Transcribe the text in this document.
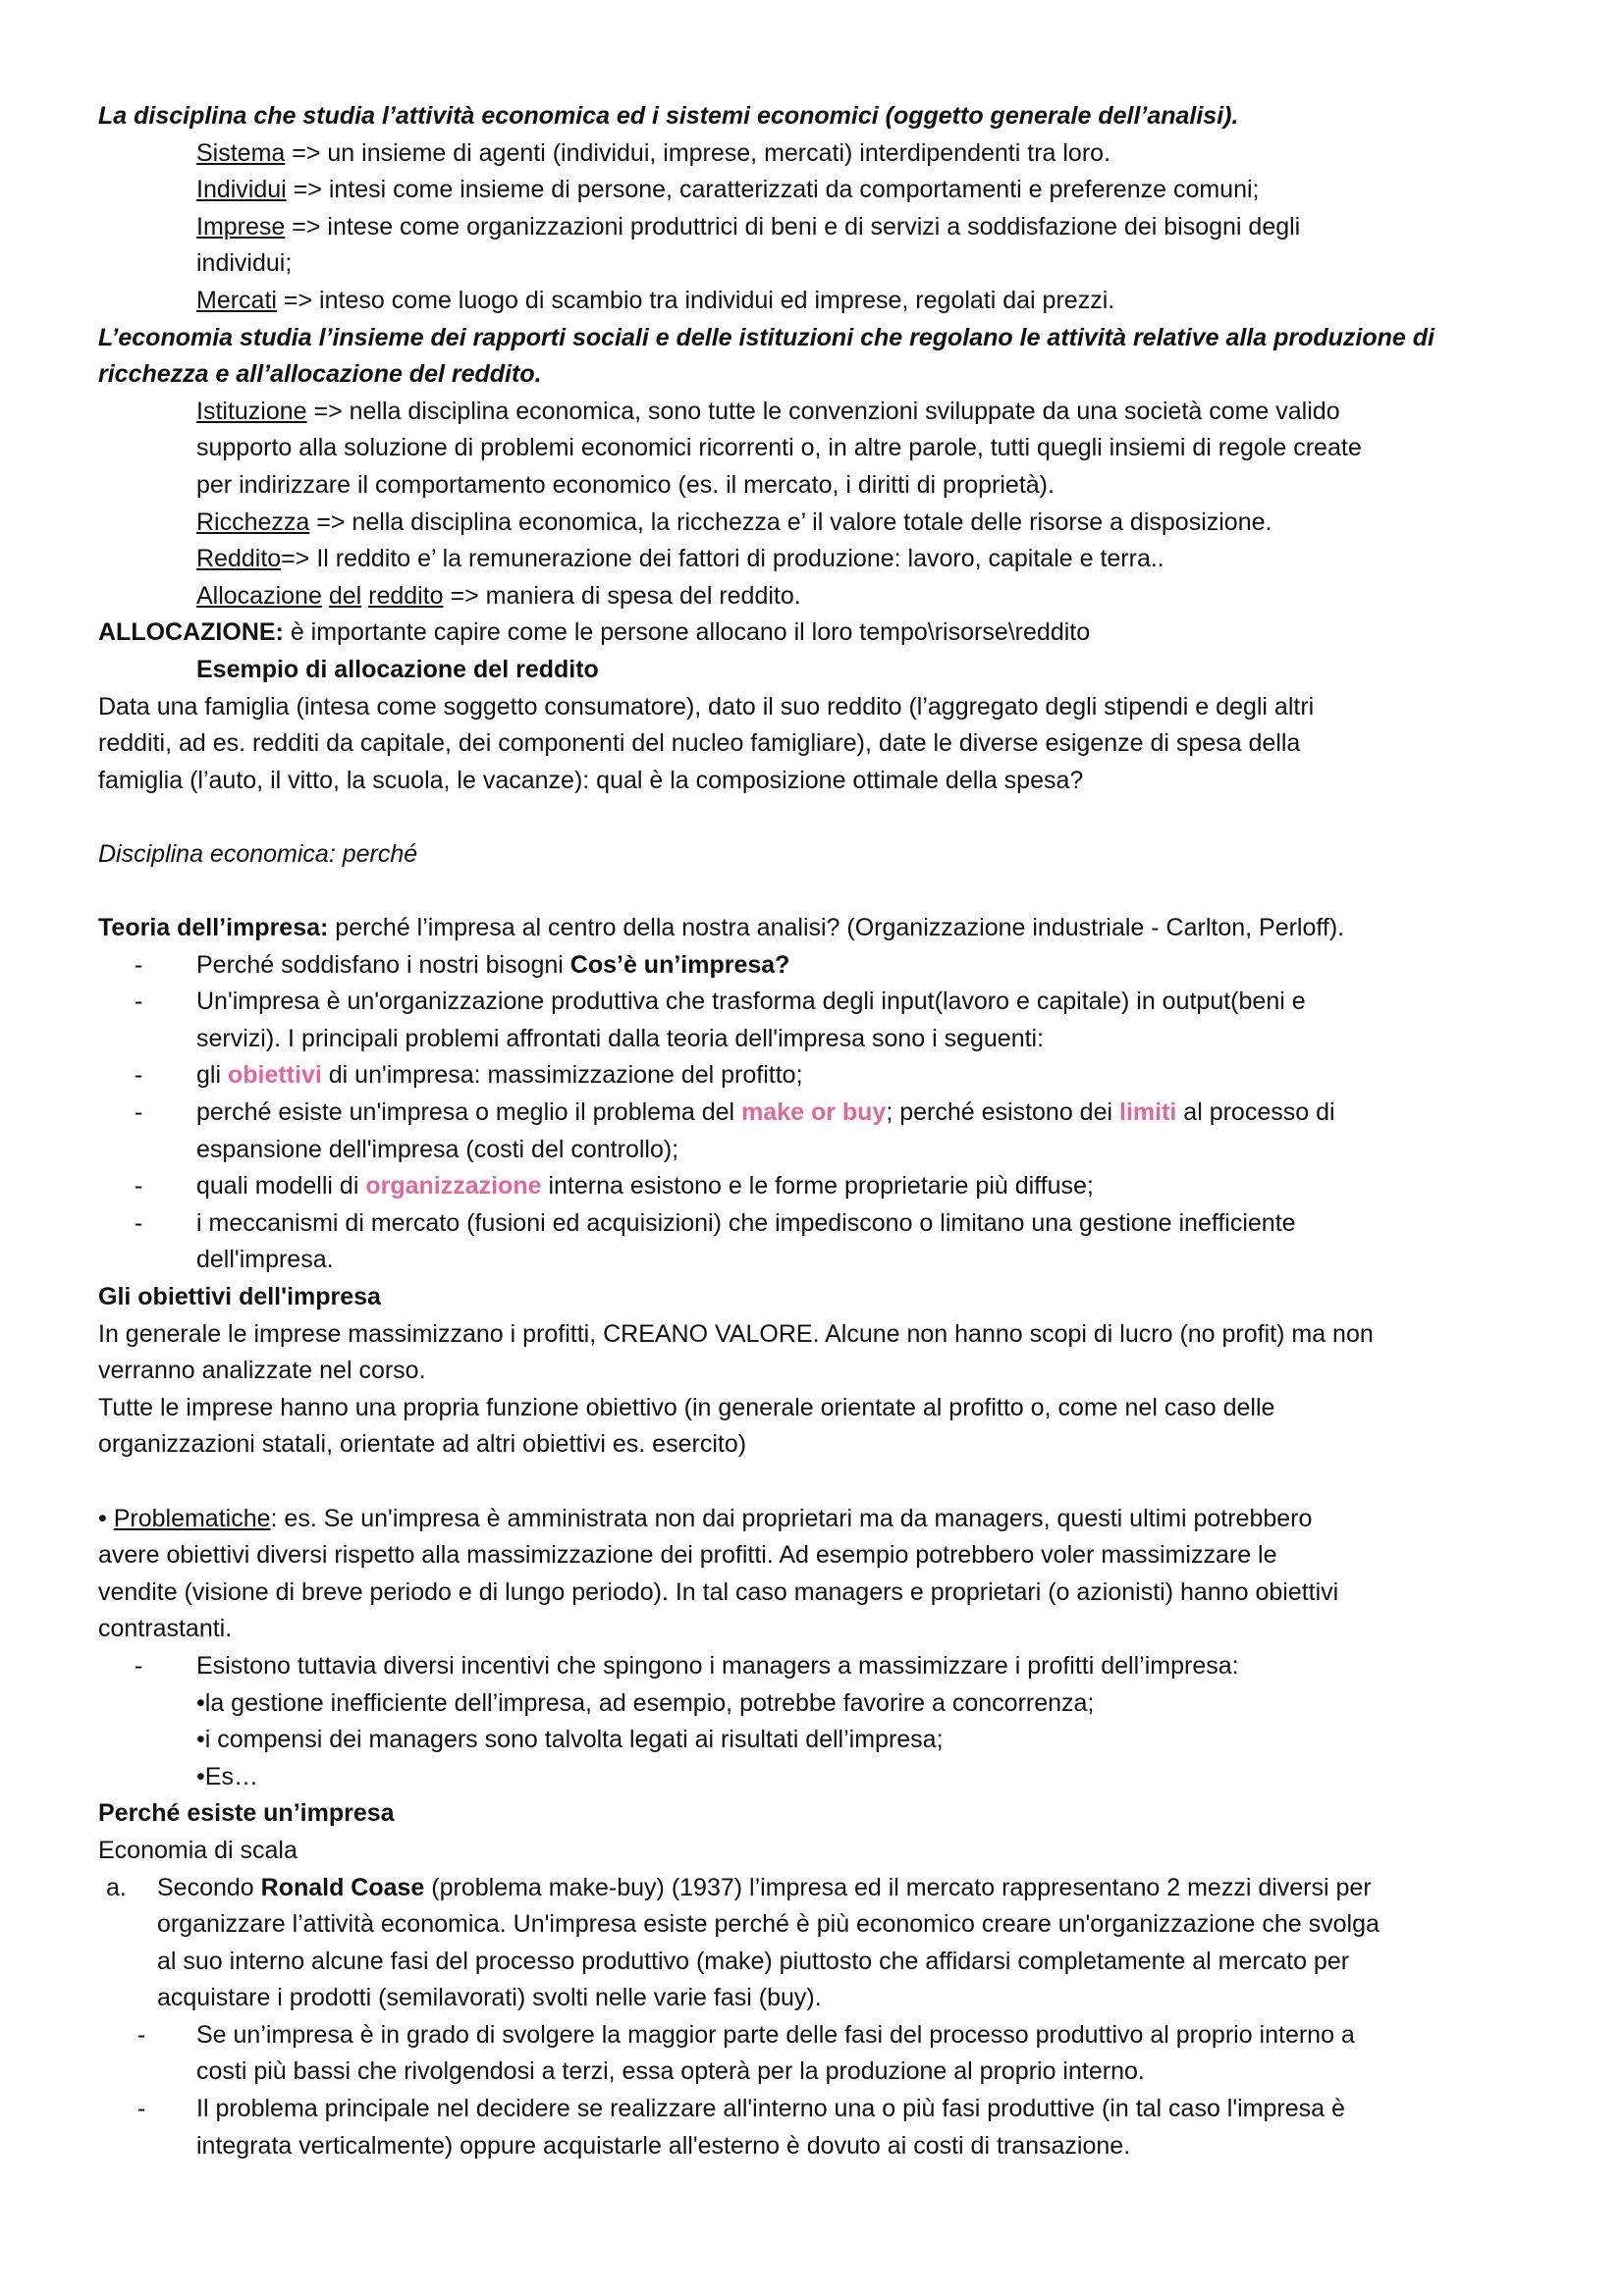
La disciplina che studia l’attività economica ed i sistemi economici (oggetto generale dell’analisi).

Sistema => un insieme di agenti (individui, imprese, mercati) interdipendenti tra loro.

Individui => intesi come insieme di persone, caratterizzati da comportamenti e preferenze comuni;

Imprese => intese come organizzazioni produttrici di beni e di servizi a soddisfazione dei bisogni degli
individui;

Mercati => inteso come luogo di scambio tra individui ed imprese, regolati dai prezzi.

L’economia studia l’insieme dei rapporti sociali e delle istituzioni che regolano le attività relative alla produzione di
ricchezza e all’allocazione del reddito.

Istituzione => nella disciplina economica, sono tutte le convenzioni sviluppate da una società come valido
supporto alla soluzione di problemi economici ricorrenti o, in altre parole, tutti quegli insiemi di regole create
per indirizzare il comportamento economico (es. il mercato, i diritti di proprietà).

Ricchezza => nella disciplina economica, la ricchezza e’ il valore totale delle risorse a disposizione.

Reddito=> Il reddito e’ la remunerazione dei fattori di produzione: lavoro, capitale e terra..

Allocazione del reddito => maniera di spesa del reddito.

ALLOCAZIONE: è importante capire come le persone allocano il loro tempo\risorse\reddito

Esempio di allocazione del reddito

Data una famiglia (intesa come soggetto consumatore), dato il suo reddito (l’aggregato degli stipendi e degli altri
redditi, ad es. redditi da capitale, dei componenti del nucleo famigliare), date le diverse esigenze di spesa della
famiglia (l’auto, il vitto, la scuola, le vacanze): qual è la composizione ottimale della spesa?

Disciplina economica: perché

Teoria dell’impresa: perché l’impresa al centro della nostra analisi? (Organizzazione industriale - Carlton, Perloff).

- Perché soddisfano i nostri bisogni Cos’è un’impresa?

- Un'impresa è un'organizzazione produttiva che trasforma degli input(lavoro e capitale) in output(beni e
servizi). I principali problemi affrontati dalla teoria dell'impresa sono i seguenti:

- gli obiettivi di un'impresa: massimizzazione del profitto;

- perché esiste un'impresa o meglio il problema del make or buy; perché esistono dei limiti al processo di
espansione dell'impresa (costi del controllo);

- quali modelli di organizzazione interna esistono e le forme proprietarie più diffuse;

- i meccanismi di mercato (fusioni ed acquisizioni) che impediscono o limitano una gestione inefficiente
dell'impresa.

Gli obiettivi dell'impresa

In generale le imprese massimizzano i profitti, CREANO VALORE. Alcune non hanno scopi di lucro (no profit) ma non
verranno analizzate nel corso.
Tutte le imprese hanno una propria funzione obiettivo (in generale orientate al profitto o, come nel caso delle
organizzazioni statali, orientate ad altri obiettivi es. esercito)

• Problematiche: es. Se un'impresa è amministrata non dai proprietari ma da managers, questi ultimi potrebbero
avere obiettivi diversi rispetto alla massimizzazione dei profitti. Ad esempio potrebbero voler massimizzare le
vendite (visione di breve periodo e di lungo periodo). In tal caso managers e proprietari (o azionisti) hanno obiettivi
contrastanti.

- Esistono tuttavia diversi incentivi che spingono i managers a massimizzare i profitti dell’impresa:

•la gestione inefficiente dell’impresa, ad esempio, potrebbe favorire a concorrenza;

•i compensi dei managers sono talvolta legati ai risultati dell’impresa;

•Es…

Perché esiste un’impresa

Economia di scala

a. Secondo Ronald Coase (problema make-buy) (1937) l’impresa ed il mercato rappresentano 2 mezzi diversi per
organizzare l’attività economica. Un'impresa esiste perché è più economico creare un'organizzazione che svolga
al suo interno alcune fasi del processo produttivo (make) piuttosto che affidarsi completamente al mercato per
acquistare i prodotti (semilavorati) svolti nelle varie fasi (buy).

- Se un’impresa è in grado di svolgere la maggior parte delle fasi del processo produttivo al proprio interno a
costi più bassi che rivolgendosi a terzi, essa opterà per la produzione al proprio interno.

- Il problema principale nel decidere se realizzare all'interno una o più fasi produttive (in tal caso l'impresa è
integrata verticalmente) oppure acquistarle all'esterno è dovuto ai costi di transazione.
